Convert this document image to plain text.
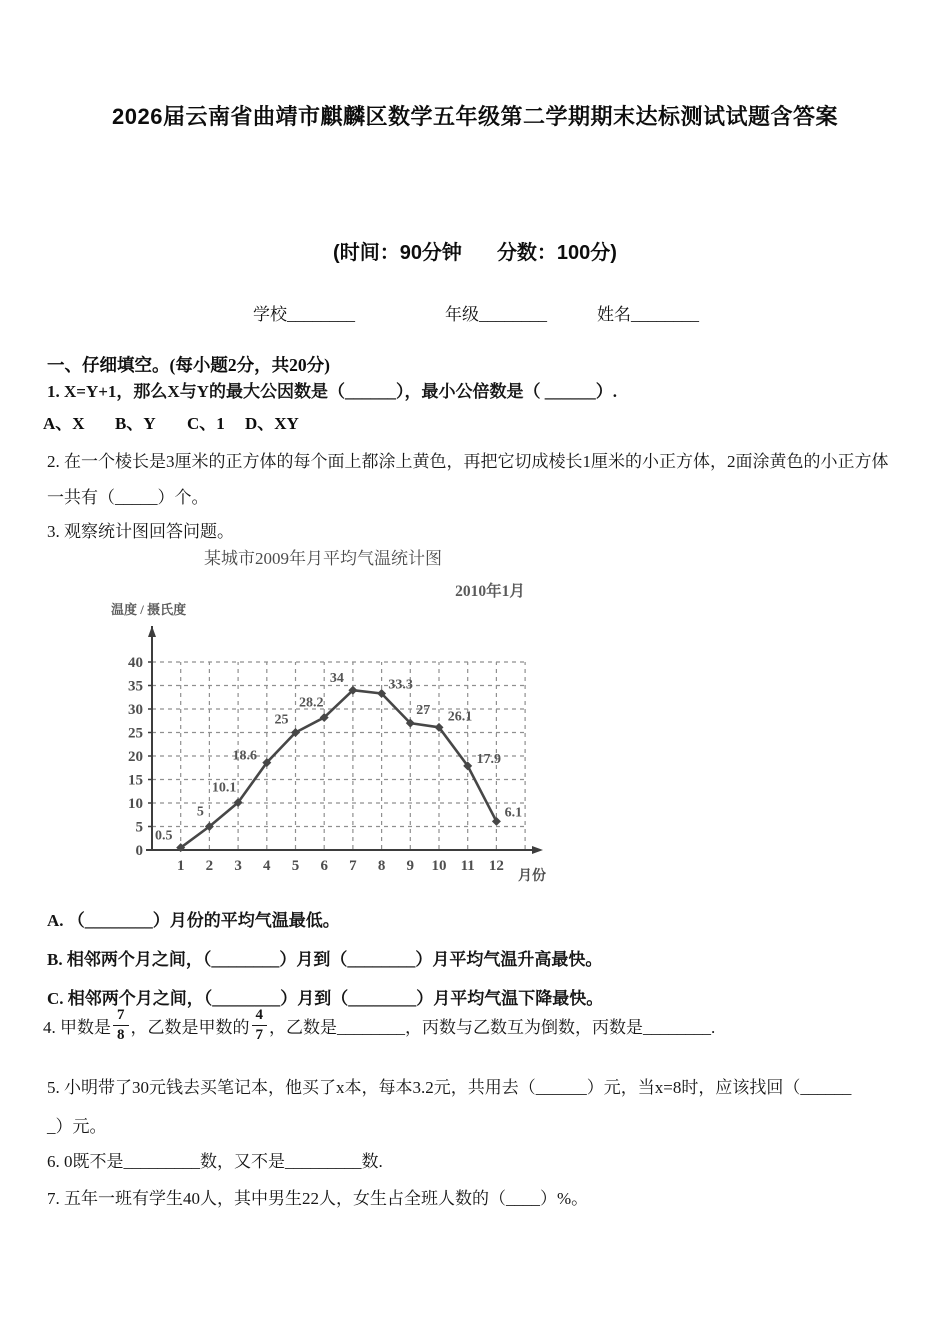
2026届云南省曲靖市麒麟区数学五年级第二学期期末达标测试试题含答案
(时间：90分钟 分数：100分)
学校________	年级________	姓名________
一、仔细填空。(每小题2分，共20分)
1. X=Y+1，那么X与Y的最大公因数是（______），最小公倍数是（ ______）.
A、X B、Y C、1 D、XY
2. 在一个棱长是3厘米的正方体的每个面上都涂上黄色，再把它切成棱长1厘米的小正方体，2面涂黄色的小正方体
一共有（_____）个。
3. 观察统计图回答问题。
0
5
10
15
20
25
30
35
40
1 2 3 4 5 6 7 8 9 10 11 12
0.5
5
10.1
18.6
25
28.2
34	33.3
27 26.1
17.9
6.1
某城市2009年月平均气温统计图
2010年1月
温度 / 摄氏度
月份
A. （________）月份的平均气温最低。
B. 相邻两个月之间，（________）月到（________）月平均气温升高最快。
C. 相邻两个月之间，（________）月到（________）月平均气温下降最快。
4. 甲数是 $\frac{7}{8}$ ，乙数是甲数的 $\frac{4}{7}$ ，乙数是________，丙数与乙数互为倒数，丙数是________.
5. 小明带了30元钱去买笔记本，他买了x本，每本3.2元，共用去（______）元，当x=8时，应该找回（______
_）元。
6. 0既不是_________数，又不是_________数.
7. 五年一班有学生40人，其中男生22人，女生占全班人数的（____）%。
